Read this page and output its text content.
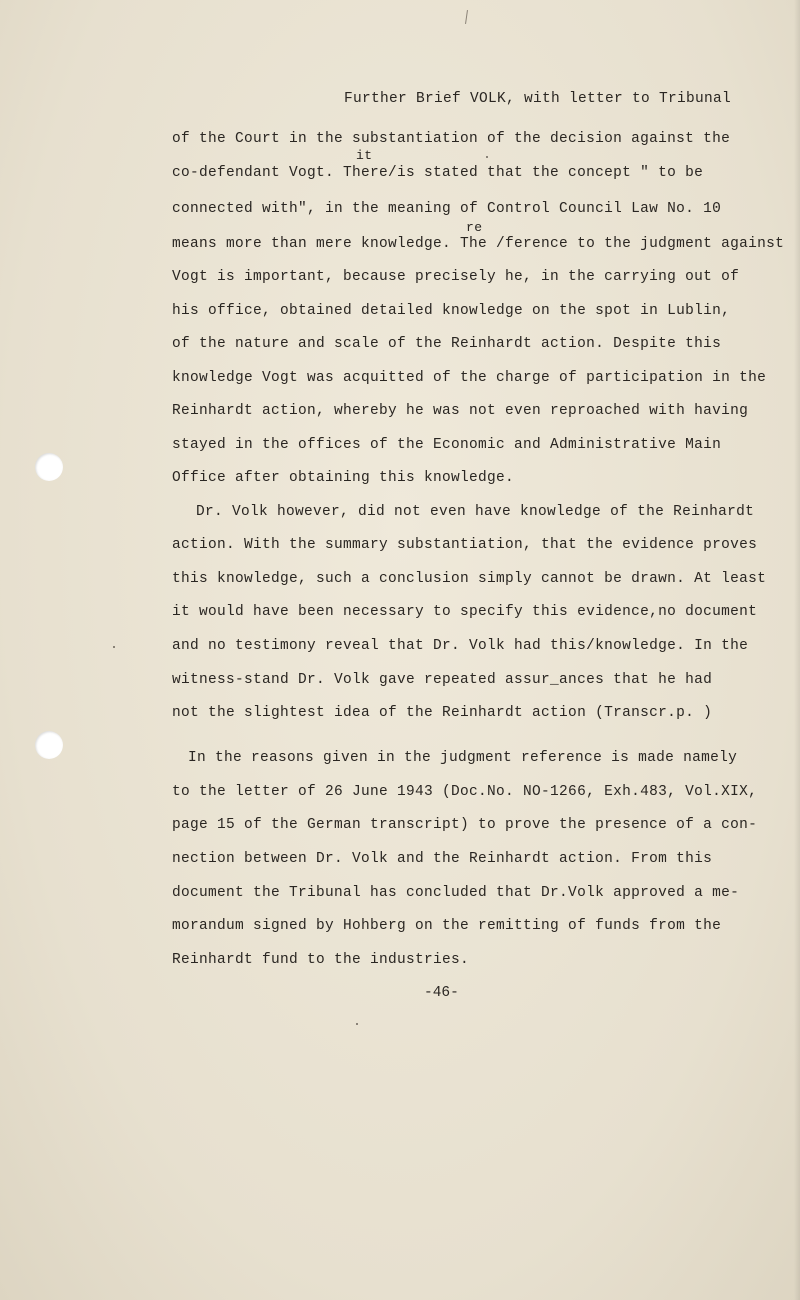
Further Brief VOLK, with letter to Tribunal
it
re
of the Court in the substantiation of the decision against the
co-defendant Vogt. There/is stated that the concept " to be
connected with", in the meaning of Control Council Law No. 10
means more than mere knowledge. The /ference to the judgment against
Vogt is important, because precisely he, in the carrying out of
his office, obtained detailed knowledge on the spot in Lublin,
of the nature and scale of the Reinhardt action. Despite this
knowledge Vogt was acquitted of the charge of participation in the
Reinhardt action, whereby he was not even reproached with having
stayed in the offices of the Economic and Administrative Main
Office after obtaining this knowledge.
Dr. Volk however, did not even have knowledge of the Reinhardt
action. With the summary substantiation, that the evidence proves
this knowledge, such a conclusion simply cannot be drawn. At least
it would have been necessary to specify this evidence,no document
and no testimony reveal that Dr. Volk had this/knowledge. In the
witness-stand Dr. Volk gave repeated assur_ances that he had
not the slightest idea of the Reinhardt action (Transcr.p. )
In the reasons given in the judgment reference is made namely
to the letter of 26 June 1943 (Doc.No. NO-1266, Exh.483, Vol.XIX,
page 15 of the German transcript) to prove the presence of a con-
nection between Dr. Volk and the Reinhardt action. From this
document the Tribunal has concluded that Dr.Volk approved a me-
morandum signed by Hohberg on the remitting of funds from the
Reinhardt fund to the industries.
-46-
